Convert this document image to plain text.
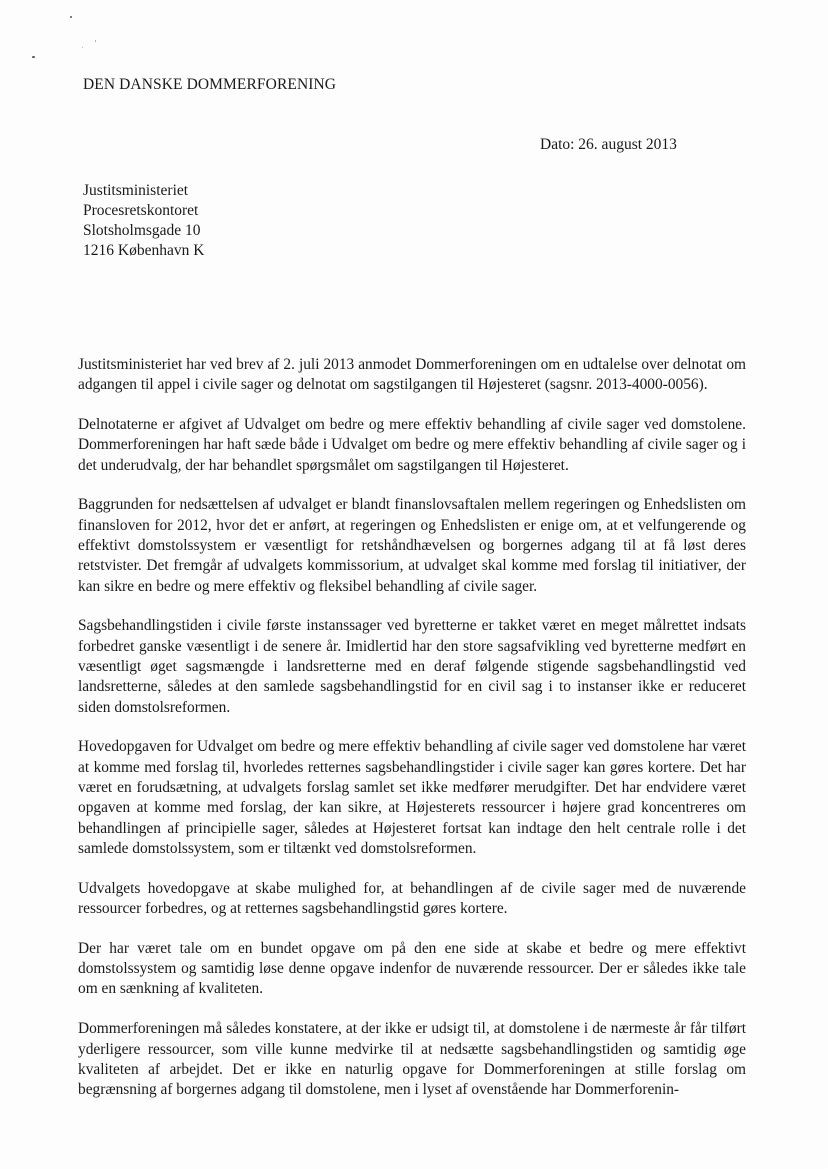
DEN DANSKE DOMMERFORENING
Dato: 26. august 2013
Justitsministeriet
Procesretskontoret
Slotsholmsgade 10
1216 København K

Justitsministeriet har ved brev af 2. juli 2013 anmodet Dommerforeningen om en udtalelse over delnotat om adgangen til appel i civile sager og delnotat om sagstilgangen til Højesteret (sagsnr. 2013-4000-0056).

Delnotaterne er afgivet af Udvalget om bedre og mere effektiv behandling af civile sager ved domstolene. Dommerforeningen har haft sæde både i Udvalget om bedre og mere effektiv behandling af civile sager og i det underudvalg, der har behandlet spørgsmålet om sagstilgangen til Højesteret.

Baggrunden for nedsættelsen af udvalget er blandt finanslovsaftalen mellem regeringen og Enhedslisten om finansloven for 2012, hvor det er anført, at regeringen og Enhedslisten er enige om, at et velfungerende og effektivt domstolssystem er væsentligt for retshåndhævelsen og borgernes adgang til at få løst deres retstvister. Det fremgår af udvalgets kommissorium, at udvalget skal komme med forslag til initiativer, der kan sikre en bedre og mere effektiv og fleksibel behandling af civile sager.

Sagsbehandlingstiden i civile første instanssager ved byretterne er takket været en meget målrettet indsats forbedret ganske væsentligt i de senere år. Imidlertid har den store sagsafvikling ved byretterne medført en væsentligt øget sagsmængde i landsretterne med en deraf følgende stigende sagsbehandlingstid ved landsretterne, således at den samlede sagsbehandlingstid for en civil sag i to instanser ikke er reduceret siden domstolsreformen.

Hovedopgaven for Udvalget om bedre og mere effektiv behandling af civile sager ved domstolene har været at komme med forslag til, hvorledes retternes sagsbehandlingstider i civile sager kan gøres kortere. Det har været en forudsætning, at udvalgets forslag samlet set ikke medfører merudgifter. Det har endvidere været opgaven at komme med forslag, der kan sikre, at Højesterets ressourcer i højere grad koncentreres om behandlingen af principielle sager, således at Højesteret fortsat kan indtage den helt centrale rolle i det samlede domstolssystem, som er tiltænkt ved domstolsreformen.

Udvalgets hovedopgave at skabe mulighed for, at behandlingen af de civile sager med de nuværende ressourcer forbedres, og at retternes sagsbehandlingstid gøres kortere.

Der har været tale om en bundet opgave om på den ene side at skabe et bedre og mere effektivt domstolssystem og samtidig løse denne opgave indenfor de nuværende ressourcer. Der er således ikke tale om en sænkning af kvaliteten.

Dommerforeningen må således konstatere, at der ikke er udsigt til, at domstolene i de nærmeste år får tilført yderligere ressourcer, som ville kunne medvirke til at nedsætte sagsbehandlingstiden og samtidig øge kvaliteten af arbejdet. Det er ikke en naturlig opgave for Dommerforeningen at stille forslag om begrænsning af borgernes adgang til domstolene, men i lyset af ovenstående har Dommerforenin-
